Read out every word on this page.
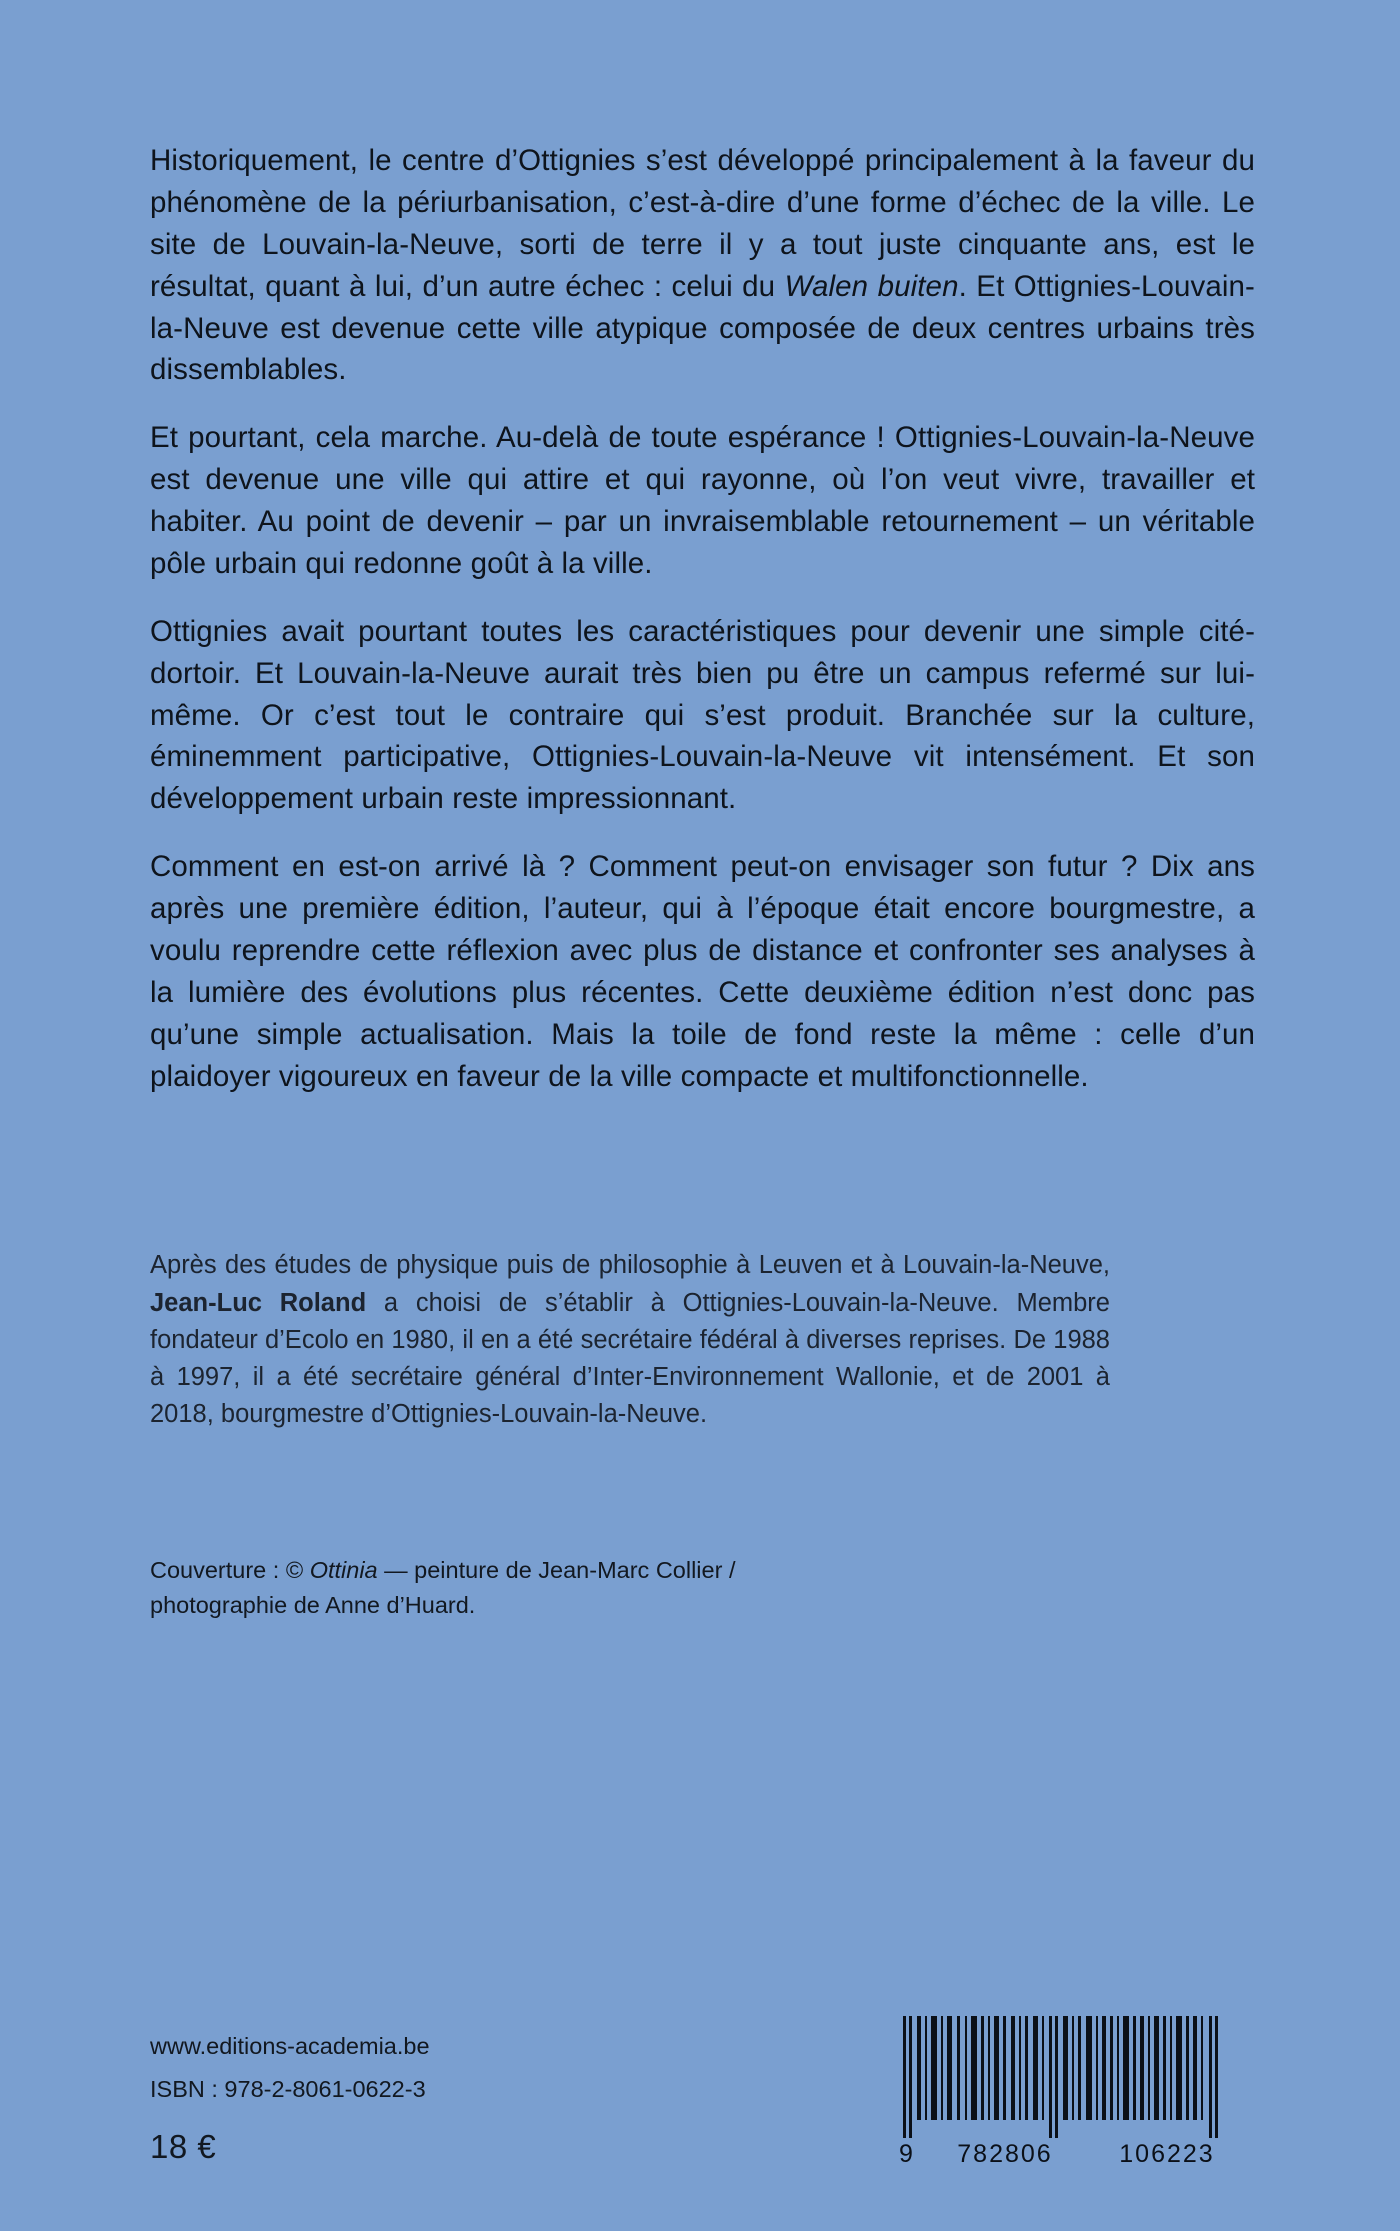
Historiquement, le centre d’Ottignies s’est développé principalement à la faveur du phénomène de la périurbanisation, c’est-à-dire d’une forme d’échec de la ville. Le site de Louvain-la-Neuve, sorti de terre il y a tout juste cinquante ans, est le résultat, quant à lui, d’un autre échec : celui du Walen buiten. Et Ottignies-Louvain-la-Neuve est devenue cette ville atypique composée de deux centres urbains très dissemblables.

Et pourtant, cela marche. Au-delà de toute espérance ! Ottignies-Louvain-la-Neuve est devenue une ville qui attire et qui rayonne, où l’on veut vivre, travailler et habiter. Au point de devenir – par un invraisemblable retournement – un véritable pôle urbain qui redonne goût à la ville.

Ottignies avait pourtant toutes les caractéristiques pour devenir une simple cité-dortoir. Et Louvain-la-Neuve aurait très bien pu être un campus refermé sur lui-même. Or c’est tout le contraire qui s’est produit. Branchée sur la culture, éminemment participative, Ottignies-Louvain-la-Neuve vit intensément. Et son développement urbain reste impressionnant.

Comment en est-on arrivé là ? Comment peut-on envisager son futur ? Dix ans après une première édition, l’auteur, qui à l’époque était encore bourgmestre, a voulu reprendre cette réflexion avec plus de distance et confronter ses analyses à la lumière des évolutions plus récentes. Cette deuxième édition n’est donc pas qu’une simple actualisation. Mais la toile de fond reste la même : celle d’un plaidoyer vigoureux en faveur de la ville compacte et multifonctionnelle.

Après des études de physique puis de philosophie à Leuven et à Louvain-la-Neuve, Jean-Luc Roland a choisi de s’établir à Ottignies-Louvain-la-Neuve. Membre fondateur d’Ecolo en 1980, il en a été secrétaire fédéral à diverses reprises. De 1988 à 1997, il a été secrétaire général d’Inter-Environnement Wallonie, et de 2001 à 2018, bourgmestre d’Ottignies-Louvain-la-Neuve.
Couverture : © Ottinia — peinture de Jean-Marc Collier /
photographie de Anne d’Huard.
www.editions-academia.be
ISBN : 978-2-8061-0622-3
18 €	9	782806	106223
